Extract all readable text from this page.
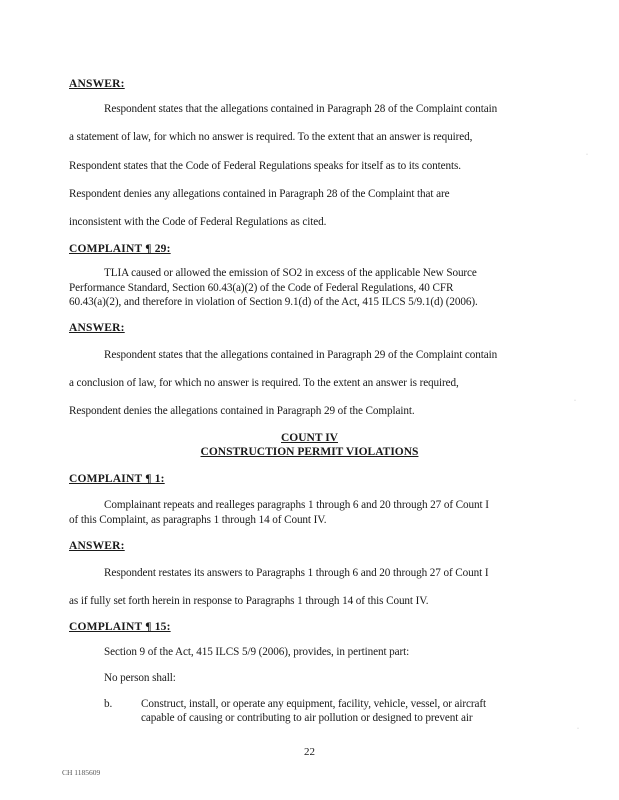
ANSWER:
Respondent states that the allegations contained in Paragraph 28 of the Complaint contain
a statement of law, for which no answer is required. To the extent that an answer is required,
Respondent states that the Code of Federal Regulations speaks for itself as to its contents.
Respondent denies any allegations contained in Paragraph 28 of the Complaint that are
inconsistent with the Code of Federal Regulations as cited.
COMPLAINT ¶ 29:
TLIA caused or allowed the emission of SO2 in excess of the applicable New Source
Performance Standard, Section 60.43(a)(2) of the Code of Federal Regulations, 40 CFR
60.43(a)(2), and therefore in violation of Section 9.1(d) of the Act, 415 ILCS 5/9.1(d) (2006).
ANSWER:
Respondent states that the allegations contained in Paragraph 29 of the Complaint contain
a conclusion of law, for which no answer is required. To the extent an answer is required,
Respondent denies the allegations contained in Paragraph 29 of the Complaint.
COUNT IV
CONSTRUCTION PERMIT VIOLATIONS
COMPLAINT ¶ 1:
Complainant repeats and realleges paragraphs 1 through 6 and 20 through 27 of Count I
of this Complaint, as paragraphs 1 through 14 of Count IV.
ANSWER:
Respondent restates its answers to Paragraphs 1 through 6 and 20 through 27 of Count I
as if fully set forth herein in response to Paragraphs 1 through 14 of this Count IV.
COMPLAINT ¶ 15:
Section 9 of the Act, 415 ILCS 5/9 (2006), provides, in pertinent part:
No person shall:
b.	Construct, install, or operate any equipment, facility, vehicle, vessel, or aircraft
capable of causing or contributing to air pollution or designed to prevent air
22
CH 1185609
·
·
·
